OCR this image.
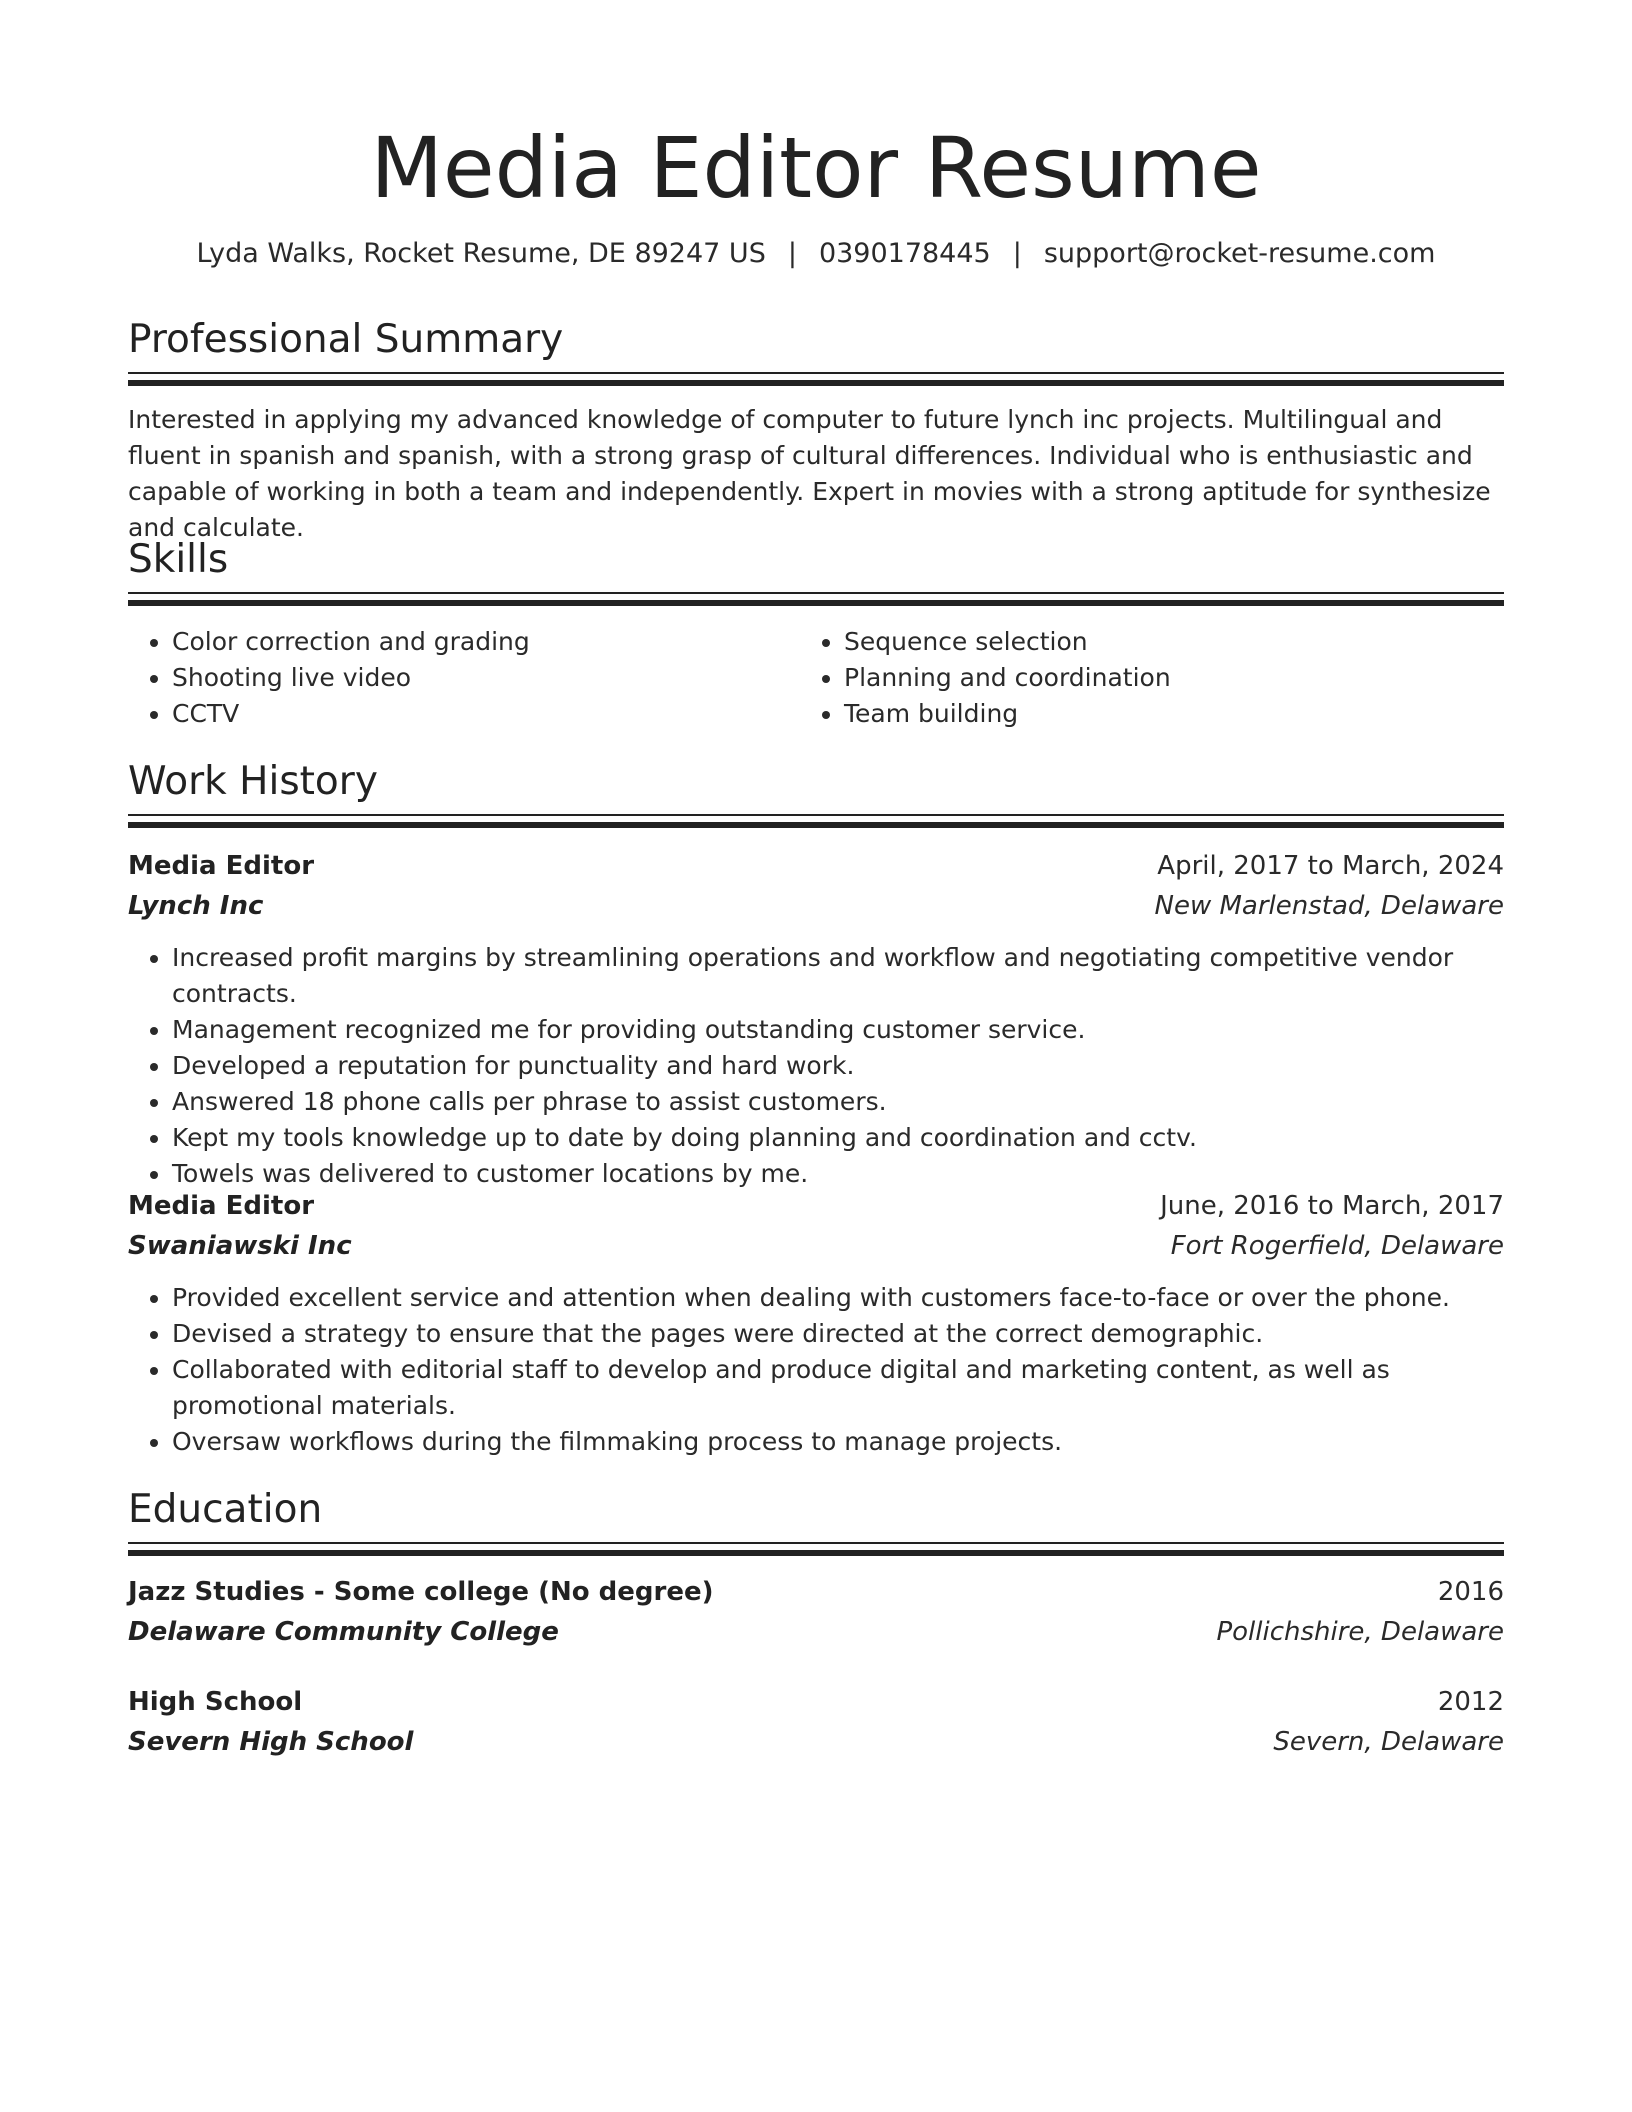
Media Editor Resume
Lyda Walks, Rocket Resume, DE 89247 US | 0390178445 | support@rocket-resume.com
Professional Summary

Interested in applying my advanced knowledge of computer to future lynch inc projects. Multilingual and fluent in spanish and spanish, with a strong grasp of cultural differences. Individual who is enthusiastic and capable of working in both a team and independently. Expert in movies with a strong aptitude for synthesize and calculate.

Skills
• Color correction and grading
• Shooting live video
• CCTV
• Sequence selection
• Planning and coordination
• Team building
Work History
Media Editor	April, 2017 to March, 2024
Lynch Inc	New Marlenstad, Delaware
• Increased profit margins by streamlining operations and workflow and negotiating competitive vendor contracts.
• Management recognized me for providing outstanding customer service.
• Developed a reputation for punctuality and hard work.
• Answered 18 phone calls per phrase to assist customers.
• Kept my tools knowledge up to date by doing planning and coordination and cctv.
• Towels was delivered to customer locations by me.
Media Editor	June, 2016 to March, 2017
Swaniawski Inc	Fort Rogerfield, Delaware
• Provided excellent service and attention when dealing with customers face-to-face or over the phone.
• Devised a strategy to ensure that the pages were directed at the correct demographic.
• Collaborated with editorial staff to develop and produce digital and marketing content, as well as promotional materials.
• Oversaw workflows during the filmmaking process to manage projects.
Education
Jazz Studies - Some college (No degree)	2016
Delaware Community College	Pollichshire, Delaware
High School	2012
Severn High School	Severn, Delaware
